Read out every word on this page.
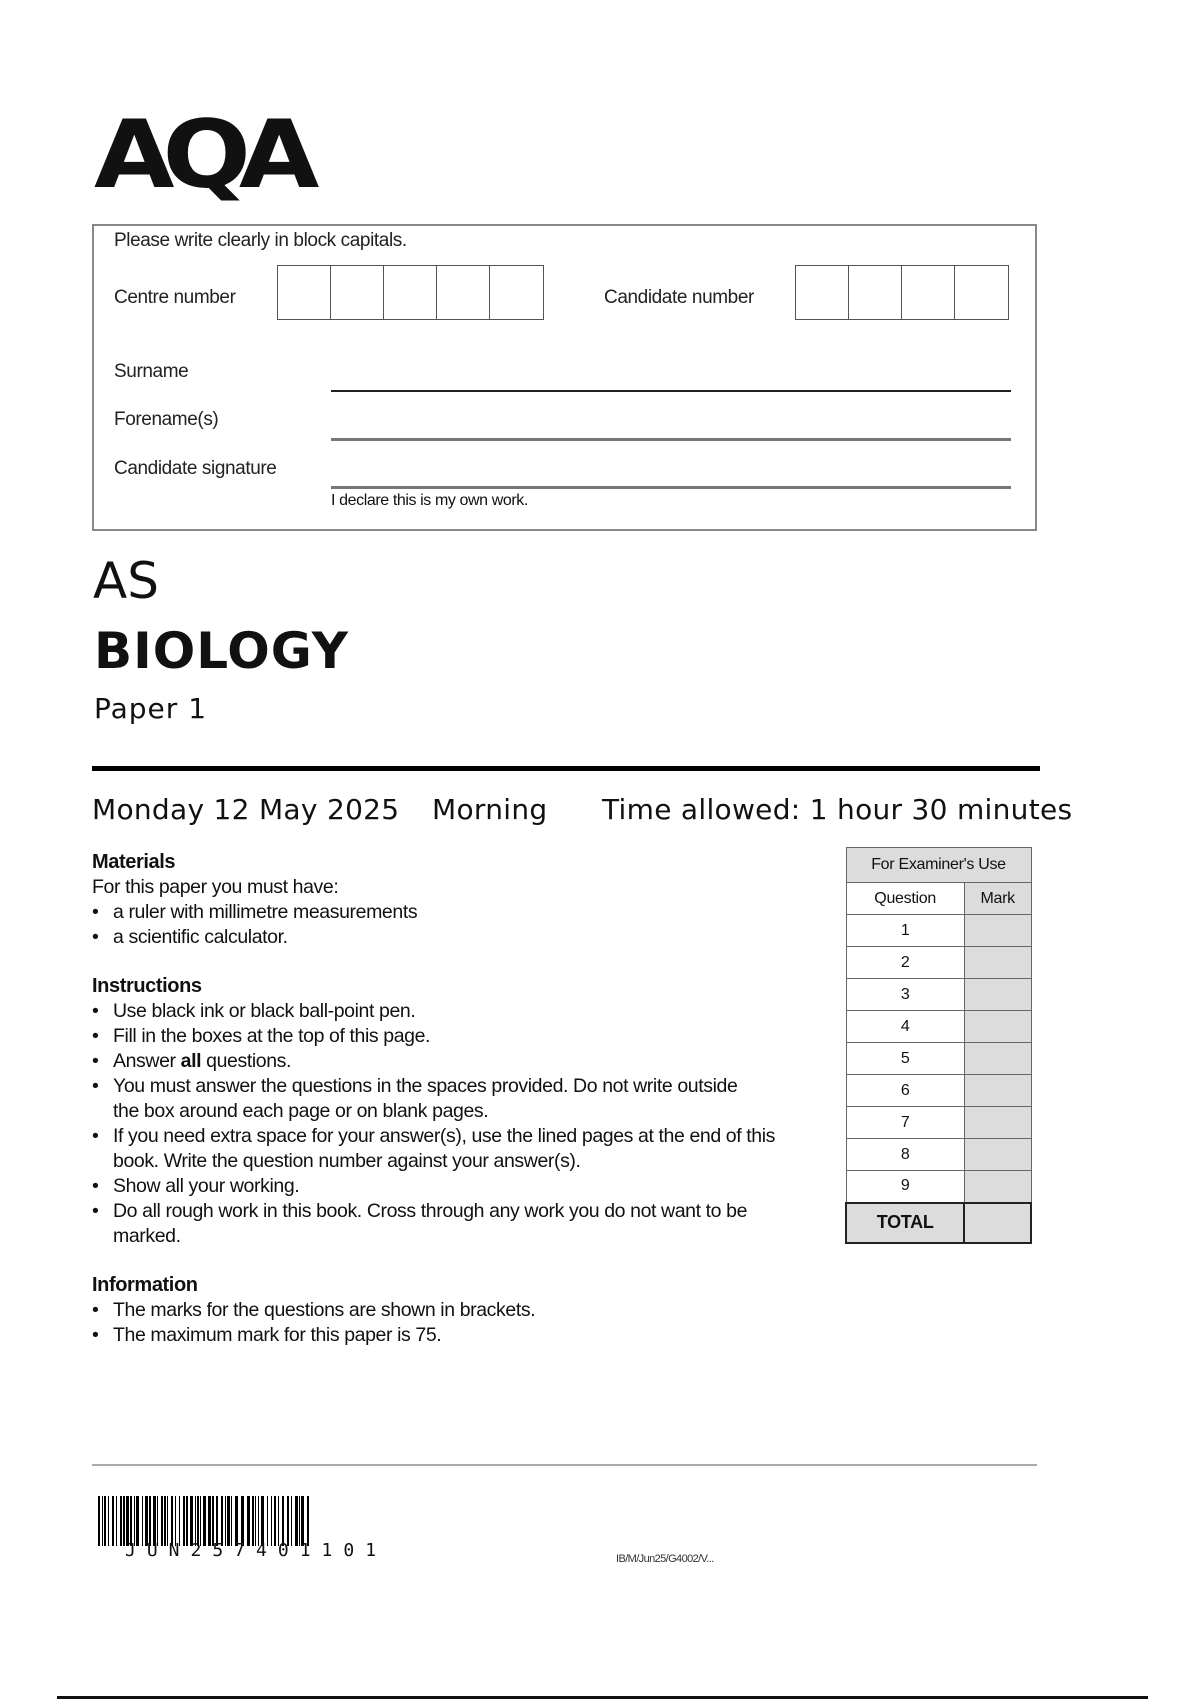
AQA
Please write clearly in block capitals.
Centre number	Candidate number
Surname
Forename(s)
Candidate signature
I declare this is my own work.
AS
BIOLOGY
Paper 1
Monday 12 May 2025 Morning Time allowed: 1 hour 30 minutes
Materials
For this paper you must have:
• a ruler with millimetre measurements
• a scientific calculator.
Instructions
• Use black ink or black ball-point pen.
• Fill in the boxes at the top of this page.
• Answer all questions.
• You must answer the questions in the spaces provided. Do not write outside the box around each page or on blank pages.
• If you need extra space for your answer(s), use the lined pages at the end of this book. Write the question number against your answer(s).
• Show all your working.
• Do all rough work in this book. Cross through any work you do not want to be marked.
Information
• The marks for the questions are shown in brackets.
• The maximum mark for this paper is 75.
For Examiner's Use	
Question	Mark
1	
2	
3	
4	
5	
6	
7	
8	
9	
TOTAL	
JUN257401101	IB/M/Jun25/G4002/V...
